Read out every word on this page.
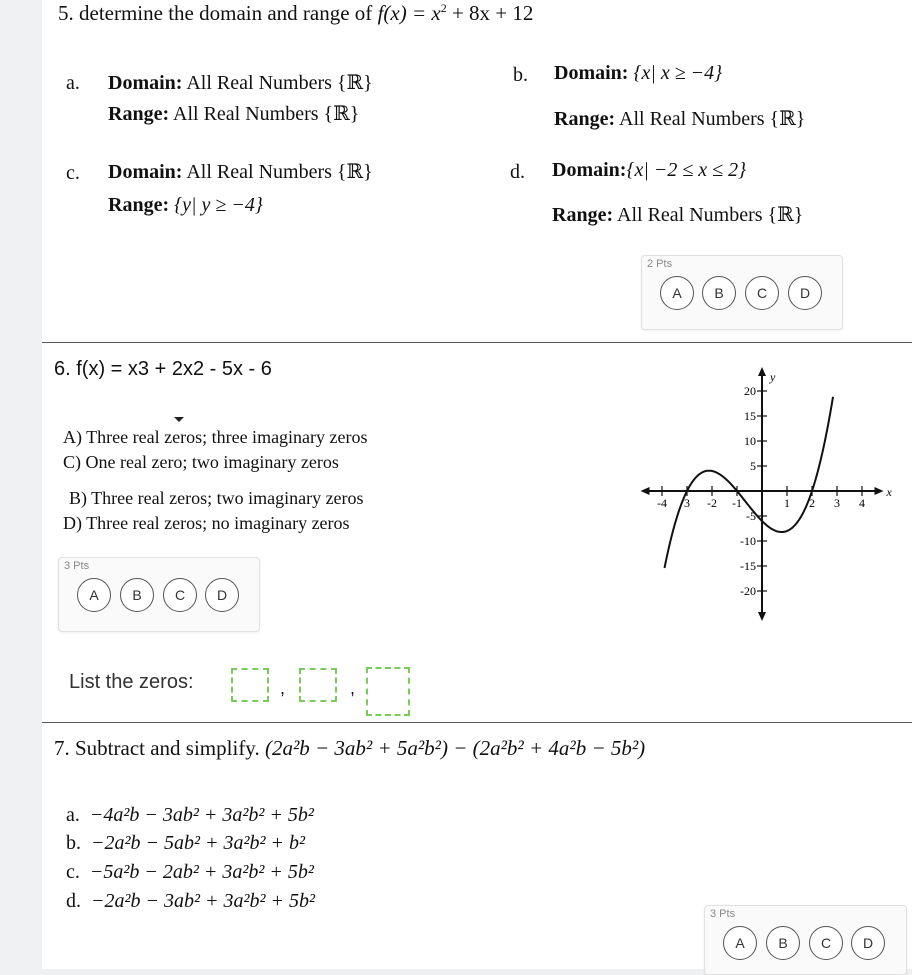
5. determine the domain and range of $f(x) = x^2 + 8x + 12$
a. Domain: All Real Numbers {ℝ}
Range: All Real Numbers {ℝ}
b. Domain: {x| x ≥ −4}
Range: All Real Numbers {ℝ}
c. Domain: All Real Numbers {ℝ}
Range: {y| y ≥ −4}
d. Domain:{x| −2 ≤ x ≤ 2}
Range: All Real Numbers {ℝ}
2 Pts
A	B	C	D
6. f(x) = x3 + 2x2 - 5x - 6
A) Three real zeros; three imaginary zeros
C) One real zero; two imaginary zeros
B) Three real zeros; two imaginary zeros
D) Three real zeros; no imaginary zeros
3 Pts
A	B	C	D
x
y
-4 3 -2 -1	1 2 3 4
20
15
10
5
-5
-10
-15
-20
List the zeros:	,	,
7. Subtract and simplify. (2a²b − 3ab² + 5a²b²) − (2a²b² + 4a²b − 5b²)
a. −4a²b − 3ab² + 3a²b² + 5b²
b. −2a²b − 5ab² + 3a²b² + b²
c. −5a²b − 2ab² + 3a²b² + 5b²
d. −2a²b − 3ab² + 3a²b² + 5b²
3 Pts
A	B	C	D
